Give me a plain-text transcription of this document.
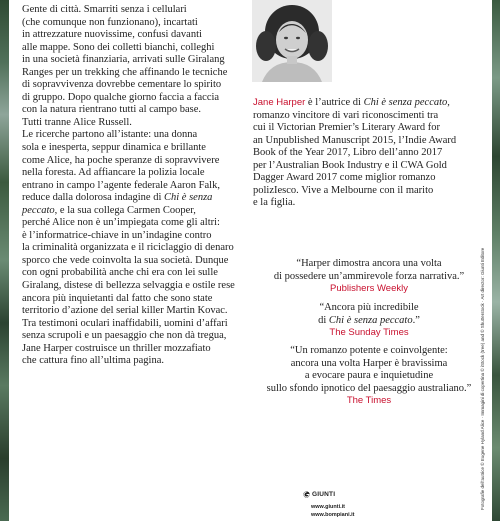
Gente di città. Smarriti senza i cellulari
(che comunque non funzionano), incartati
in attrezzature nuovissime, confusi davanti
alle mappe. Sono dei colletti bianchi, colleghi
in una società finanziaria, arrivati sulle Giralang
Ranges per un trekking che affinando le tecniche
di sopravvivenza dovrebbe cementare lo spirito
di gruppo. Dopo qualche giorno faccia a faccia
con la natura rientrano tutti al campo base.
Tutti tranne Alice Russell.
Le ricerche partono all’istante: una donna
sola e inesperta, seppur dinamica e brillante
come Alice, ha poche speranze di sopravvivere
nella foresta. Ad affiancare la polizia locale
entrano in campo l’agente federale Aaron Falk,
reduce dalla dolorosa indagine di Chi è senza
peccato, e la sua collega Carmen Cooper,
perché Alice non è un’impiegata come gli altri:
è l’informatrice-chiave in un’indagine contro
la criminalità organizzata e il riciclaggio di denaro
sporco che vede coinvolta la sua società. Dunque
con ogni probabilità anche chi era con lei sulle
Giralang, distese di bellezza selvaggia e ostile rese
ancora più inquietanti dal fatto che sono state
territorio d’azione del serial killer Martin Kovac.
Tra testimoni oculari inaffidabili, uomini d’affari
senza scrupoli e un paesaggio che non dà tregua,
Jane Harper costruisce un thriller mozzafiato
che cattura fino all’ultima pagina.
Jane Harper è l’autrice di Chi è senza peccato,
romanzo vincitore di vari riconoscimenti tra
cui il Victorian Premier’s Literary Award for
an Unpublished Manuscript 2015, l’Indie Award
Book of the Year 2017, Libro dell’anno 2017
per l’Australian Book Industry e il CWA Gold
Dagger Award 2017 come miglior romanzo
polizIesco. Vive a Melbourne con il marito
e la figlia.
“Harper dimostra ancora una volta
di possedere un’ammirevole forza narrativa.”
Publishers Weekly
“Ancora più incredibile
di Chi è senza peccato.”
The Sunday Times
“Un romanzo potente e coinvolgente:
ancora una volta Harper è bravissima
a evocare paura e inquietudine
sullo sfondo ipnotico del paesaggio australiano.”
The Times	Fotografie dell’autrice © Eugene Hyland Alice · Immagini di copertina © iStock (tree) and © Shutterstock · Art director: Giunti Editore
GIUNTI
www.giunti.it
www.bompiani.it
